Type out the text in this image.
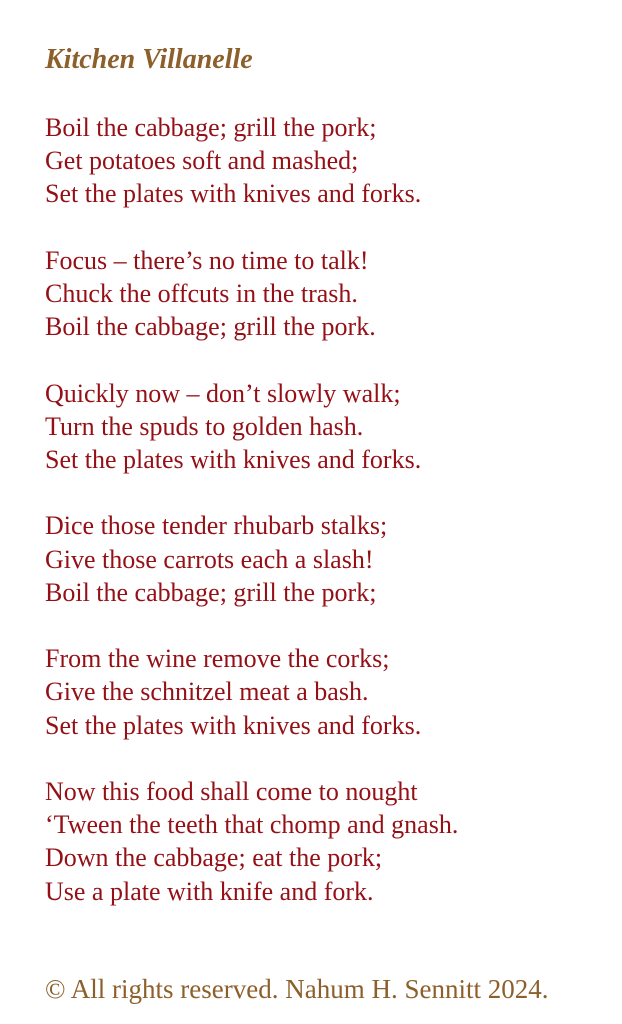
Kitchen Villanelle
Boil the cabbage; grill the pork;
Get potatoes soft and mashed;
Set the plates with knives and forks.
Focus – there’s no time to talk!
Chuck the offcuts in the trash.
Boil the cabbage; grill the pork.
Quickly now – don’t slowly walk;
Turn the spuds to golden hash.
Set the plates with knives and forks.
Dice those tender rhubarb stalks;
Give those carrots each a slash!
Boil the cabbage; grill the pork;
From the wine remove the corks;
Give the schnitzel meat a bash.
Set the plates with knives and forks.
Now this food shall come to nought
‘Tween the teeth that chomp and gnash.
Down the cabbage; eat the pork;
Use a plate with knife and fork.

© All rights reserved. Nahum H. Sennitt 2024.
